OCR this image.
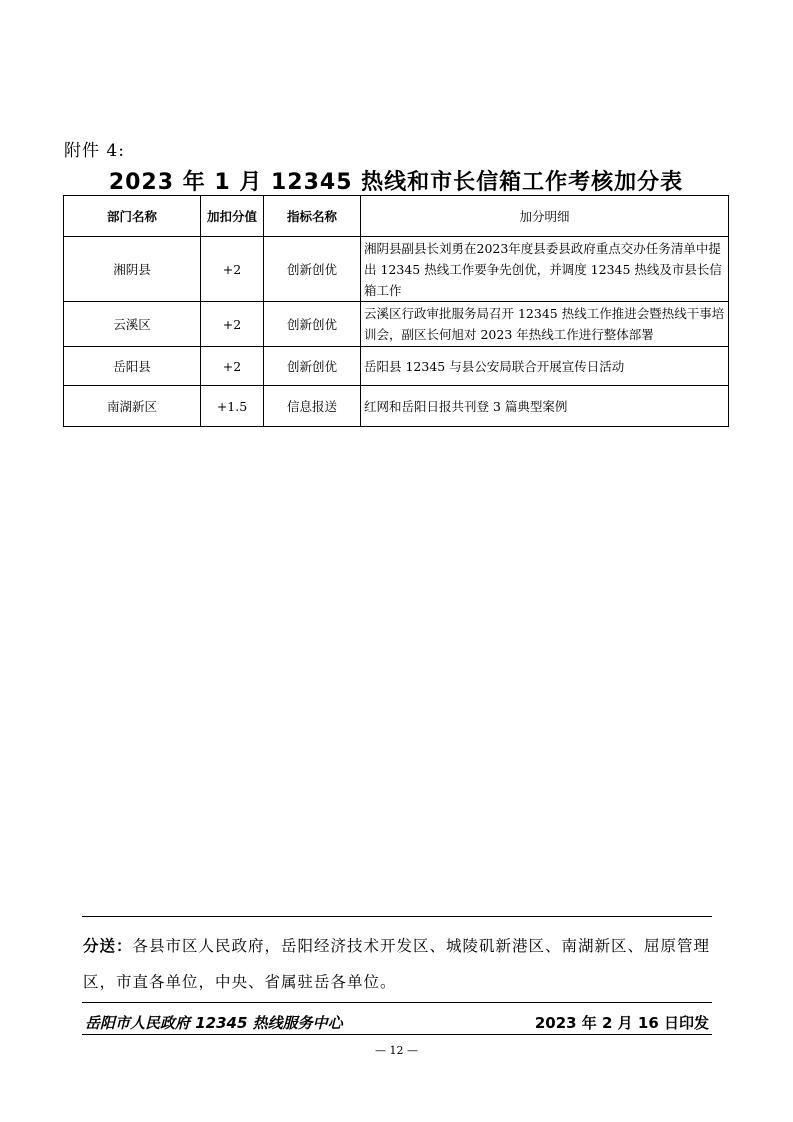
附件 4:
2023 年 1 月 12345 热线和市长信箱工作考核加分表
部门名称	加扣分值	指标名称	加分明细
湘阴县	+2	创新创优	湘阴县副县长刘勇在2023年度县委县政府重点交办任务清单中提出 12345 热线工作要争先创优，并调度 12345 热线及市县长信箱工作
云溪区	+2	创新创优	云溪区行政审批服务局召开 12345 热线工作推进会暨热线干事培训会，副区长何旭对 2023 年热线工作进行整体部署
岳阳县	+2	创新创优	岳阳县 12345 与县公安局联合开展宣传日活动
南湖新区	+1.5	信息报送	红网和岳阳日报共刊登 3 篇典型案例
分送：各县市区人民政府，岳阳经济技术开发区、城陵矶新港区、南湖新区、屈原管理区，市直各单位，中央、省属驻岳各单位。
岳阳市人民政府 12345 热线服务中心	2023 年 2 月 16 日印发
— 12 —
